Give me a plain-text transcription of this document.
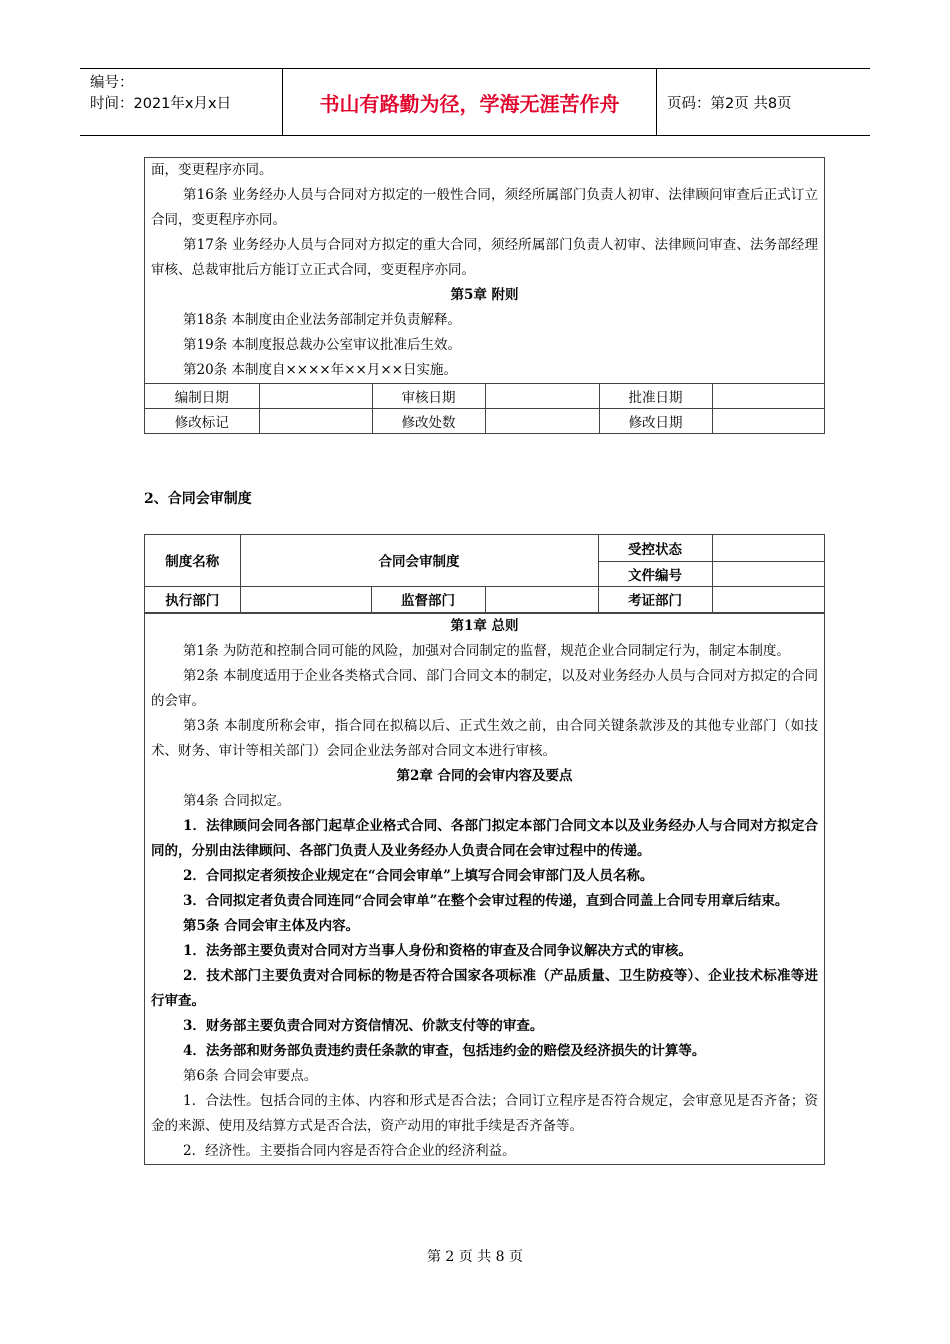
编号：
时间：2021年x月x日	书山有路勤为径，学海无涯苦作舟	页码：第2页 共8页

面，变更程序亦同。

第16条 业务经办人员与合同对方拟定的一般性合同，须经所属部门负责人初审、法律顾问审查后正式订立合同，变更程序亦同。

第17条 业务经办人员与合同对方拟定的重大合同，须经所属部门负责人初审、法律顾问审查、法务部经理审核、总裁审批后方能订立正式合同，变更程序亦同。

第5章 附则

第18条 本制度由企业法务部制定并负责解释。

第19条 本制度报总裁办公室审议批准后生效。

第20条 本制度自××××年××月××日实施。

编制日期		审核日期		批准日期	
修改标记		修改处数		修改日期	
2、合同会审制度
制度名称	合同会审制度			受控状态	
				文件编号	
执行部门		监督部门		考证部门	

第1章 总则

第1条 为防范和控制合同可能的风险，加强对合同制定的监督，规范企业合同制定行为，制定本制度。

第2条 本制度适用于企业各类格式合同、部门合同文本的制定，以及对业务经办人员与合同对方拟定的合同的会审。

第3条 本制度所称会审，指合同在拟稿以后、正式生效之前，由合同关键条款涉及的其他专业部门（如技术、财务、审计等相关部门）会同企业法务部对合同文本进行审核。

第2章 合同的会审内容及要点

第4条 合同拟定。

1．法律顾问会同各部门起草企业格式合同、各部门拟定本部门合同文本以及业务经办人与合同对方拟定合同的，分别由法律顾问、各部门负责人及业务经办人负责合同在会审过程中的传递。

2．合同拟定者须按企业规定在“合同会审单”上填写合同会审部门及人员名称。

3．合同拟定者负责合同连同“合同会审单”在整个会审过程的传递，直到合同盖上合同专用章后结束。

第5条 合同会审主体及内容。

1．法务部主要负责对合同对方当事人身份和资格的审查及合同争议解决方式的审核。

2．技术部门主要负责对合同标的物是否符合国家各项标准（产品质量、卫生防疫等）、企业技术标准等进行审查。

3．财务部主要负责合同对方资信情况、价款支付等的审查。

4．法务部和财务部负责违约责任条款的审查，包括违约金的赔偿及经济损失的计算等。

第6条 合同会审要点。

1．合法性。包括合同的主体、内容和形式是否合法；合同订立程序是否符合规定，会审意见是否齐备；资金的来源、使用及结算方式是否合法，资产动用的审批手续是否齐备等。

2．经济性。主要指合同内容是否符合企业的经济利益。

第 2 页 共 8 页
